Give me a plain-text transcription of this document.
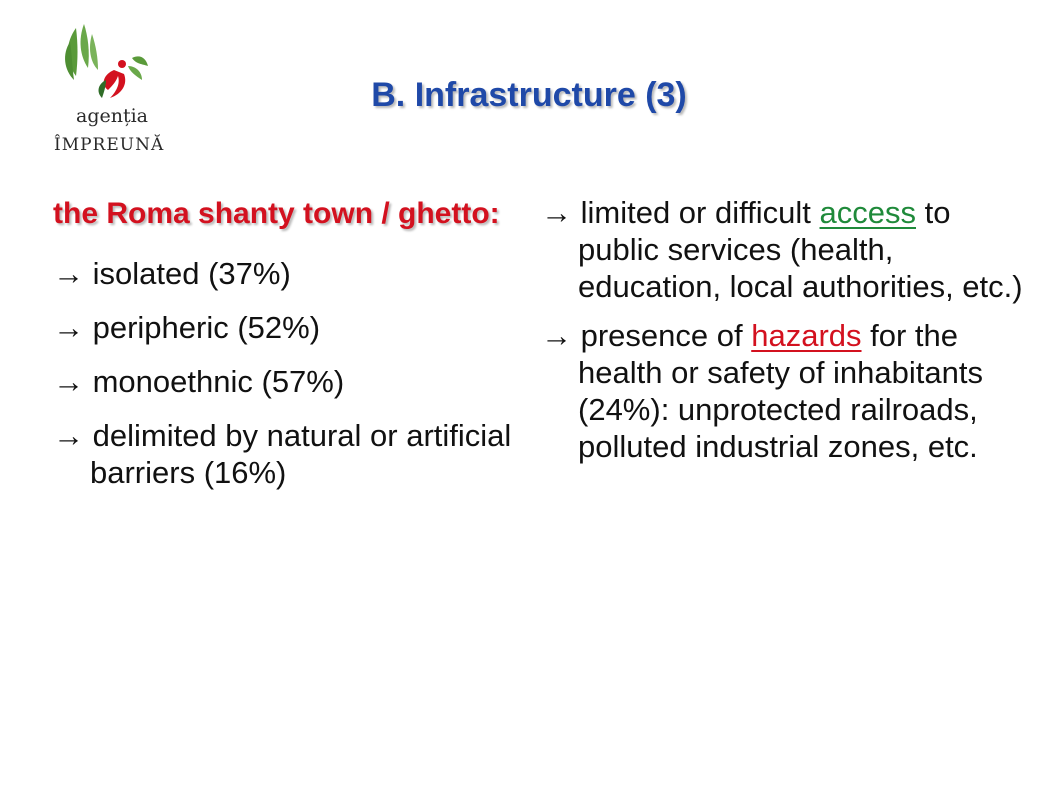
agenția
ÎMPREUNĂ
B. Infrastructure (3)
the Roma shanty town / ghetto:
→ isolated (37%)
→ peripheric (52%)
→ monoethnic (57%)
→ delimited by natural or artificial barriers (16%)
→ limited or difficult access to public services (health, education, local authorities, etc.)
→ presence of hazards for the health or safety of inhabitants (24%): unprotected railroads, polluted industrial zones, etc.
